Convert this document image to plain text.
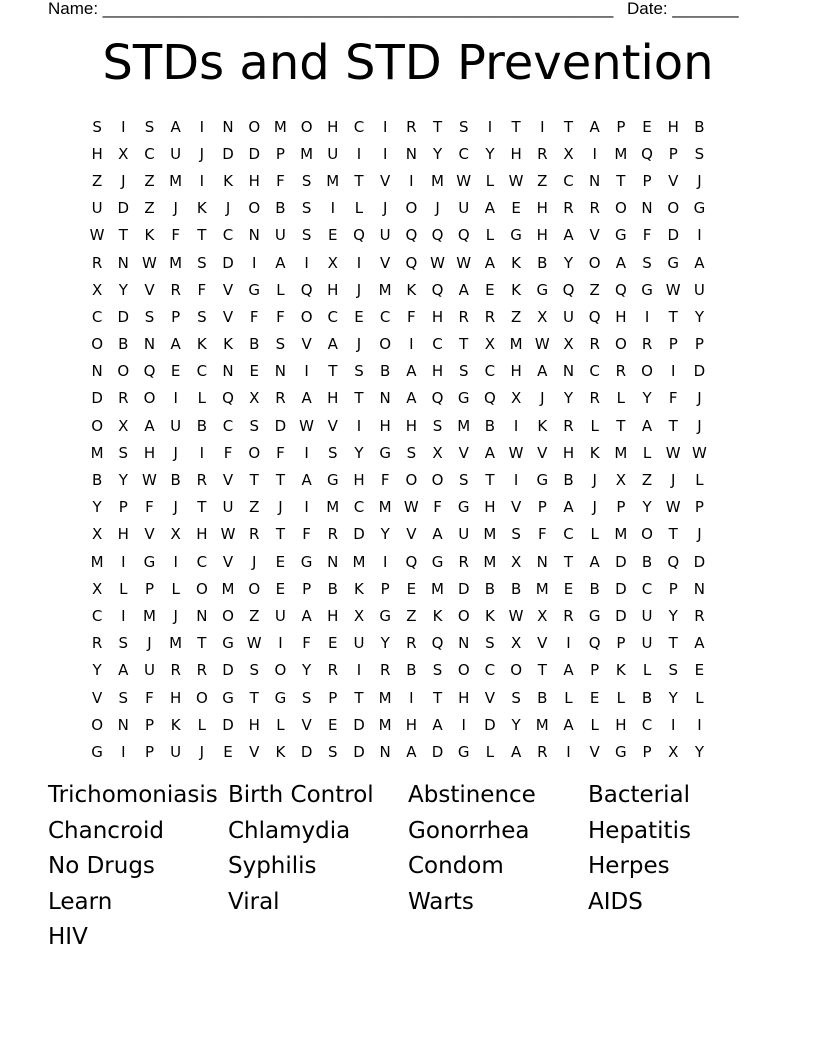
Name: ______________________________________________________ Date: _______
STDs and STD Prevention
S	I	S	A	I	N O M O H	C	I	R	T	S	I	T	I	T	A	P	E	H	B
H	X	C	U	J	D D	P	M U	I	I	N	Y	C	Y	H	R	X	I	M Q	P	S
Z	J	Z M	I	K	H	F	S M	T	V	I	M W L W Z	C	N	T	P	V	J
U D	Z	J	K	J	O	B	S	I	L	J	O	J	U	A	E	H	R	R	O N O G
W T	K	F	T	C	N	U	S	E	Q U Q Q Q	L	G H	A	V	G	F	D	I
R	N W M S	D	I	A	I	X	I	V	Q W W A	K	B	Y	O	A	S	G	A
X	Y	V	R	F	V	G	L	Q H	J	M K	Q	A	E	K	G Q	Z	Q G W U
C	D	S	P	S	V	F	F	O	C	E	C	F	H	R	R	Z	X	U Q H	I	T	Y
O	B	N	A	K	K	B	S	V	A	J	O	I	C	T	X M W X	R	O	R	P	P
N O Q	E	C	N	E	N	I	T	S	B	A	H	S	C	H	A	N	C	R	O	I	D
D	R	O	I	L	Q	X	R	A	H	T	N	A	Q G Q	X	J	Y	R	L	Y	F	J
O	X	A	U	B	C	S	D W V	I	H H	S M B	I	K	R	L	T	A	T	J
M S	H	J	I	F	O	F	I	S	Y	G	S	X	V	A W V	H	K M	L W W
B	Y W B	R	V	T	T	A	G H	F	O O	S	T	I	G	B	J	X	Z	J	L
Y	P	F	J	T	U	Z	J	I	M C M W F	G H	V	P	A	J	P	Y W P
X	H	V	X	H W R	T	F	R	D	Y	V	A	U M S	F	C	L	M O	T	J
M	I	G	I	C	V	J	E	G N M	I	Q G	R M X	N	T	A	D	B	Q D
X	L	P	L	O M O	E	P	B	K	P	E M D	B	B M E	B	D	C	P	N
C	I	M	J	N O	Z	U	A	H	X	G	Z	K	O	K W X	R	G D U	Y	R
R	S	J	M	T	G W	I	F	E	U	Y	R	Q N	S	X	V	I	Q	P	U	T	A
Y	A	U	R	R	D	S	O	Y	R	I	R	B	S	O	C	O	T	A	P	K	L	S	E
V	S	F	H O G	T	G	S	P	T	M	I	T	H	V	S	B	L	E	L	B	Y	L
O N	P	K	L	D H	L	V	E	D M H	A	I	D	Y	M A	L	H	C	I	I
G	I	P	U	J	E	V	K	D	S	D N	A	D G	L	A	R	I	V	G	P	X	Y
Trichomoniasis Birth Control	Abstinence	Bacterial
Chancroid	Chlamydia	Gonorrhea	Hepatitis
No Drugs	Syphilis	Condom	Herpes
Learn	Viral	Warts	AIDS
HIV
